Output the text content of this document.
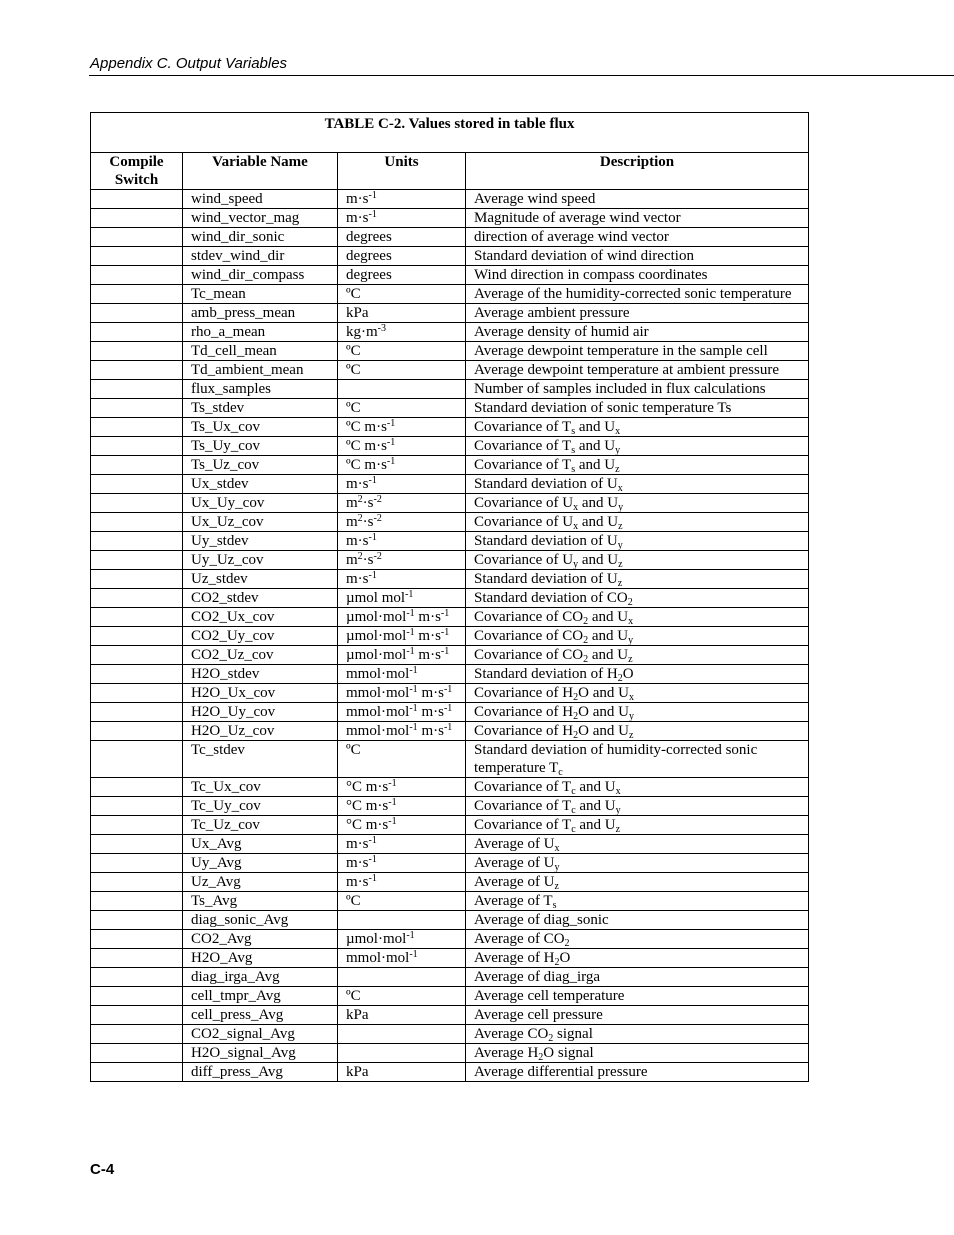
Appendix C. Output Variables
TABLE C-2. Values stored in table flux			
Compile Switch	Variable Name	Units	Description
	wind_speed	$m\cdot s^{-1}$	Average wind speed
	wind_vector_mag	$m\cdot s^{-1}$	Magnitude of average wind vector
	wind_dir_sonic	degrees	direction of average wind vector
	stdev_wind_dir	degrees	Standard deviation of wind direction
	wind_dir_compass	degrees	Wind direction in compass coordinates
	Tc_mean	ºC	Average of the humidity-corrected sonic temperature
	amb_press_mean	kPa	Average ambient pressure
	rho_a_mean	$kg\cdot m^{-3}$	Average density of humid air
	Td_cell_mean	ºC	Average dewpoint temperature in the sample cell
	Td_ambient_mean	ºC	Average dewpoint temperature at ambient pressure
	flux_samples		Number of samples included in flux calculations
	Ts_stdev	ºC	Standard deviation of sonic temperature Ts
	Ts_Ux_cov	ºC $m\cdot s^{-1}$	Covariance of $T_s$ and $U_x$
	Ts_Uy_cov	ºC $m\cdot s^{-1}$	Covariance of $T_s$ and $U_y$
	Ts_Uz_cov	ºC $m\cdot s^{-1}$	Covariance of $T_s$ and $U_z$
	Ux_stdev	$m\cdot s^{-1}$	Standard deviation of $U_x$
	Ux_Uy_cov	$m^2\cdot s^{-2}$	Covariance of $U_x$ and $U_y$
	Ux_Uz_cov	$m^2\cdot s^{-2}$	Covariance of $U_x$ and $U_z$
	Uy_stdev	$m\cdot s^{-1}$	Standard deviation of $U_y$
	Uy_Uz_cov	$m^2\cdot s^{-2}$	Covariance of $U_y$ and $U_z$
	Uz_stdev	$m\cdot s^{-1}$	Standard deviation of $U_z$
	CO2_stdev	µmol mol$^{-1}$	Standard deviation of $CO_2$
	CO2_Ux_cov	µmol·mol$^{-1}$ $m\cdot s^{-1}$	Covariance of $CO_2$ and $U_x$
	CO2_Uy_cov	µmol·mol$^{-1}$ $m\cdot s^{-1}$	Covariance of $CO_2$ and $U_y$
	CO2_Uz_cov	µmol·mol$^{-1}$ $m\cdot s^{-1}$	Covariance of $CO_2$ and $U_z$
	H2O_stdev	mmol·mol$^{-1}$	Standard deviation of $H_2O$
	H2O_Ux_cov	mmol·mol$^{-1}$ $m\cdot s^{-1}$	Covariance of $H_2O$ and $U_x$
	H2O_Uy_cov	mmol·mol$^{-1}$ $m\cdot s^{-1}$	Covariance of $H_2O$ and $U_y$
	H2O_Uz_cov	mmol·mol$^{-1}$ $m\cdot s^{-1}$	Covariance of $H_2O$ and $U_z$
	Tc_stdev	ºC	Standard deviation of humidity-corrected sonic temperature $T_c$
	Tc_Ux_cov	°C $m\cdot s^{-1}$	Covariance of $T_c$ and $U_x$
	Tc_Uy_cov	°C $m\cdot s^{-1}$	Covariance of $T_c$ and $U_y$
	Tc_Uz_cov	°C $m\cdot s^{-1}$	Covariance of $T_c$ and $U_z$
	Ux_Avg	$m\cdot s^{-1}$	Average of $U_x$
	Uy_Avg	$m\cdot s^{-1}$	Average of $U_y$
	Uz_Avg	$m\cdot s^{-1}$	Average of $U_z$
	Ts_Avg	ºC	Average of $T_s$
	diag_sonic_Avg		Average of diag_sonic
	CO2_Avg	µmol·mol$^{-1}$	Average of $CO_2$
	H2O_Avg	mmol·mol$^{-1}$	Average of $H_2O$
	diag_irga_Avg		Average of diag_irga
	cell_tmpr_Avg	ºC	Average cell temperature
	cell_press_Avg	kPa	Average cell pressure
	CO2_signal_Avg		Average $CO_2$ signal
	H2O_signal_Avg		Average $H_2O$ signal
	diff_press_Avg	kPa	Average differential pressure
C-4
